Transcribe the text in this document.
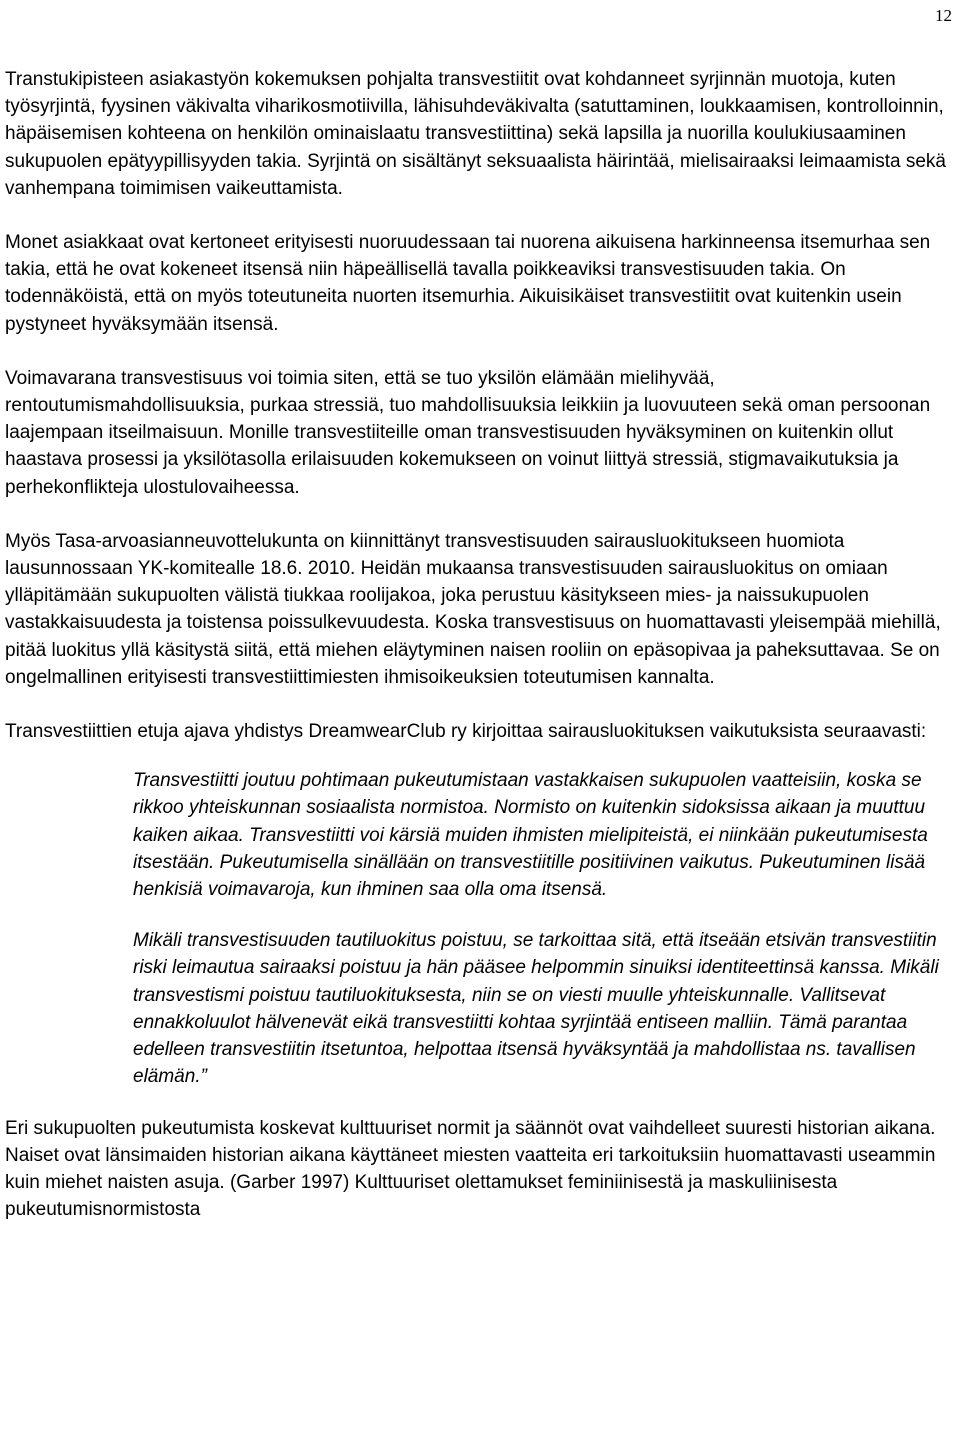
12

Transtukipisteen asiakastyön kokemuksen pohjalta transvestiitit ovat kohdanneet syrjinnän muotoja, kuten työsyrjintä, fyysinen väkivalta viharikosmotiivilla, lähisuhdeväkivalta (satuttaminen, loukkaamisen, kontrolloinnin, häpäisemisen kohteena on henkilön ominaislaatu transvestiittina) sekä lapsilla ja nuorilla koulukiusaaminen sukupuolen epätyypillisyyden takia. Syrjintä on sisältänyt seksuaalista häirintää, mielisairaaksi leimaamista sekä vanhempana toimimisen vaikeuttamista.

Monet asiakkaat ovat kertoneet erityisesti nuoruudessaan tai nuorena aikuisena harkinneensa itsemurhaa sen takia, että he ovat kokeneet itsensä niin häpeällisellä tavalla poikkeaviksi transvestisuuden takia. On todennäköistä, että on myös toteutuneita nuorten itsemurhia. Aikuisikäiset transvestiitit ovat kuitenkin usein pystyneet hyväksymään itsensä.

Voimavarana transvestisuus voi toimia siten, että se tuo yksilön elämään mielihyvää, rentoutumismahdollisuuksia, purkaa stressiä, tuo mahdollisuuksia leikkiin ja luovuuteen sekä oman persoonan laajempaan itseilmaisuun. Monille transvestiiteille oman transvestisuuden hyväksyminen on kuitenkin ollut haastava prosessi ja yksilötasolla erilaisuuden kokemukseen on voinut liittyä stressiä, stigmavaikutuksia ja perhekonflikteja ulostulovaiheessa.

Myös Tasa-arvoasianneuvottelukunta on kiinnittänyt transvestisuuden sairausluokitukseen huomiota lausunnossaan YK-komitealle 18.6. 2010. Heidän mukaansa transvestisuuden sairausluokitus on omiaan ylläpitämään sukupuolten välistä tiukkaa roolijakoa, joka perustuu käsitykseen mies- ja naissukupuolen vastakkaisuudesta ja toistensa poissulkevuudesta. Koska transvestisuus on huomattavasti yleisempää miehillä, pitää luokitus yllä käsitystä siitä, että miehen eläytyminen naisen rooliin on epäsopivaa ja paheksuttavaa. Se on ongelmallinen erityisesti transvestiittimiesten ihmisoikeuksien toteutumisen kannalta.

Transvestiittien etuja ajava yhdistys DreamwearClub ry kirjoittaa sairausluokituksen vaikutuksista seuraavasti:

Transvestiitti joutuu pohtimaan pukeutumistaan vastakkaisen sukupuolen vaatteisiin, koska se rikkoo yhteiskunnan sosiaalista normistoa. Normisto on kuitenkin sidoksissa aikaan ja muuttuu kaiken aikaa. Transvestiitti voi kärsiä muiden ihmisten mielipiteistä, ei niinkään pukeutumisesta itsestään. Pukeutumisella sinällään on transvestiitille positiivinen vaikutus. Pukeutuminen lisää henkisiä voimavaroja, kun ihminen saa olla oma itsensä.

Mikäli transvestisuuden tautiluokitus poistuu, se tarkoittaa sitä, että itseään etsivän transvestiitin riski leimautua sairaaksi poistuu ja hän pääsee helpommin sinuiksi identiteettinsä kanssa. Mikäli transvestismi poistuu tautiluokituksesta, niin se on viesti muulle yhteiskunnalle. Vallitsevat ennakkoluulot hälvenevät eikä transvestiitti kohtaa syrjintää entiseen malliin. Tämä parantaa edelleen transvestiitin itsetuntoa, helpottaa itsensä hyväksyntää ja mahdollistaa ns. tavallisen elämän.”

Eri sukupuolten pukeutumista koskevat kulttuuriset normit ja säännöt ovat vaihdelleet suuresti historian aikana. Naiset ovat länsimaiden historian aikana käyttäneet miesten vaatteita eri tarkoituksiin huomattavasti useammin kuin miehet naisten asuja. (Garber 1997) Kulttuuriset olettamukset feminiinisestä ja maskuliinisesta pukeutumisnormistosta
